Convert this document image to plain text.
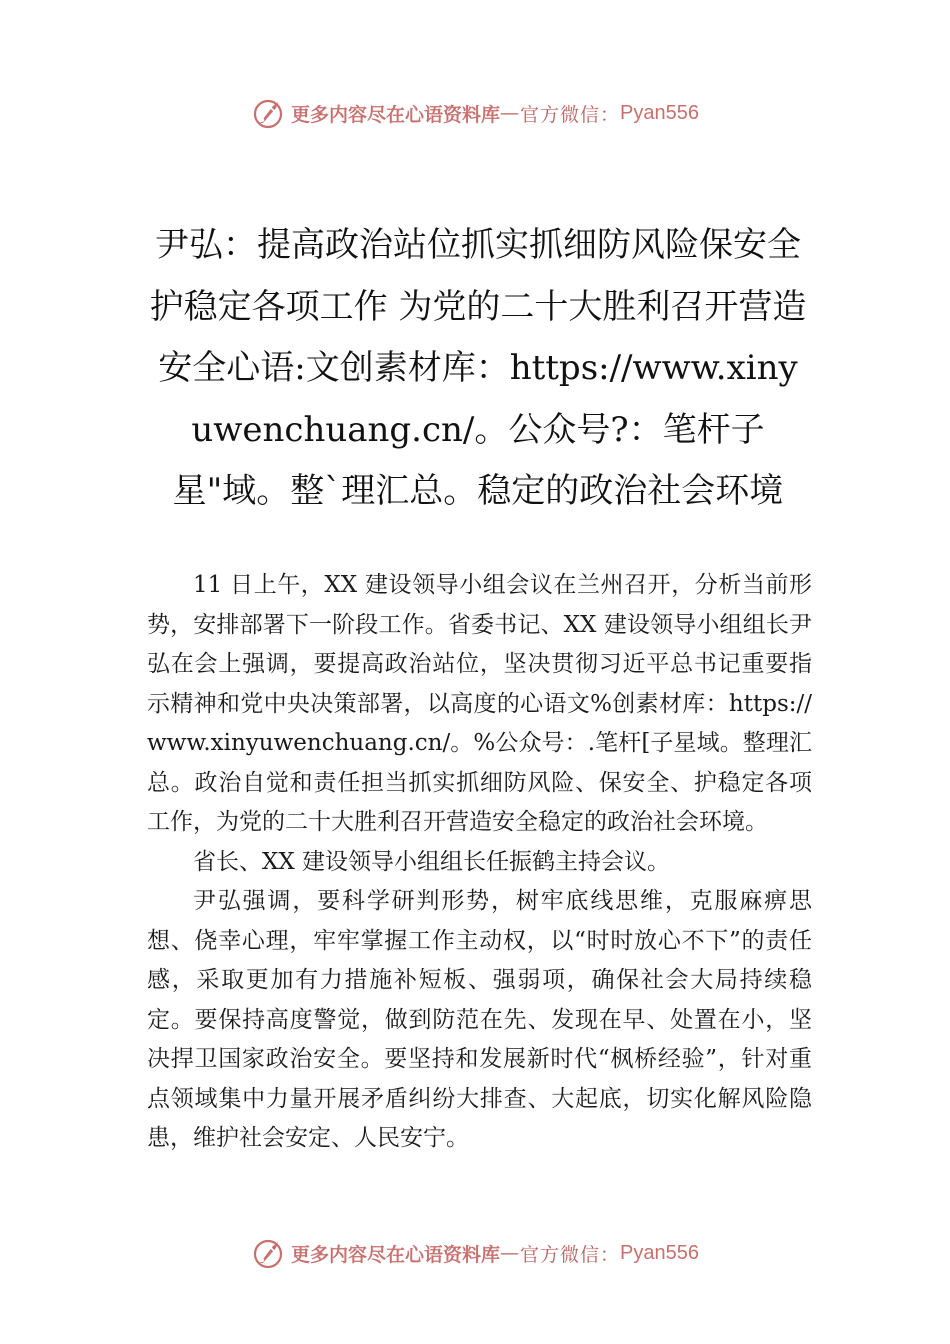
更多内容尽在心语资料库 — 官方微信： Pyan556
尹弘：提高政治站位抓实抓细防风险保安全护稳定各项工作 为党的二十大胜利召开营造安全心语:文创素材库：https://www.xinyuwenchuang.cn/。公众号?：笔杆子星"域。整`理汇总。稳定的政治社会环境

11 日上午，XX 建设领导小组会议在兰州召开，分析当前形势，安排部署下一阶段工作。省委书记、XX 建设领导小组组长尹弘在会上强调，要提高政治站位，坚决贯彻习近平总书记重要指示精神和党中央决策部署，以高度的心语文%创素材库：https://www.xinyuwenchuang.cn/。%公众号：.笔杆[子星域。整理汇总。政治自觉和责任担当抓实抓细防风险、保安全、护稳定各项工作，为党的二十大胜利召开营造安全稳定的政治社会环境。

省长、XX 建设领导小组组长任振鹤主持会议。

尹弘强调，要科学研判形势，树牢底线思维，克服麻痹思想、侥幸心理，牢牢掌握工作主动权，以“时时放心不下”的责任感，采取更加有力措施补短板、强弱项，确保社会大局持续稳定。要保持高度警觉，做到防范在先、发现在早、处置在小，坚决捍卫国家政治安全。要坚持和发展新时代“枫桥经验”，针对重点领域集中力量开展矛盾纠纷大排查、大起底，切实化解风险隐患，维护社会安定、人民安宁。

更多内容尽在心语资料库 — 官方微信： Pyan556
